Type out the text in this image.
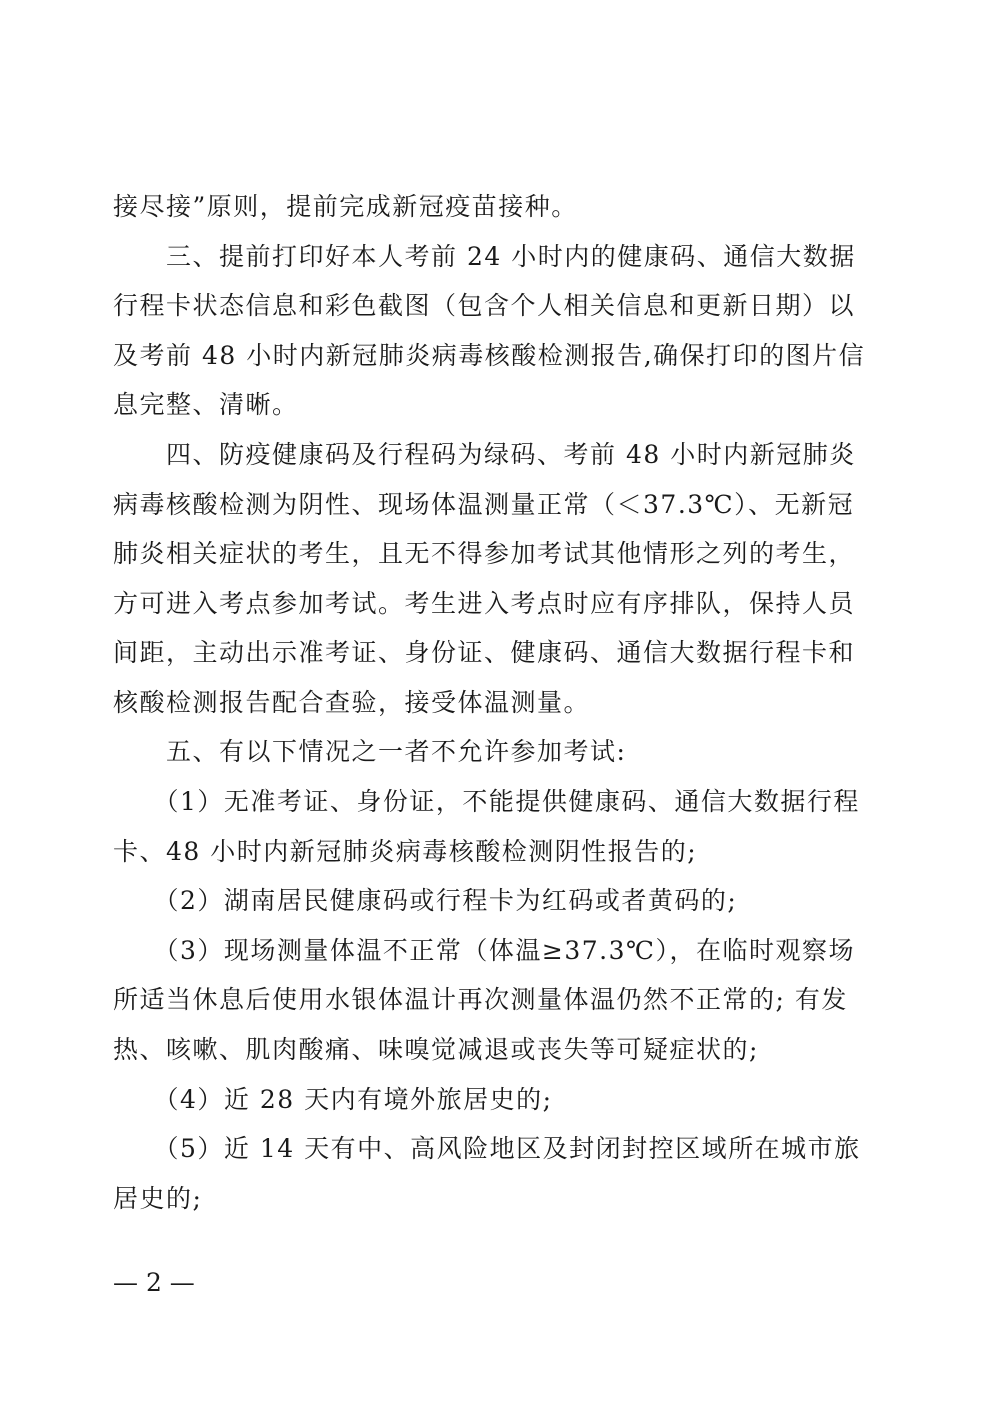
接尽接”原则，提前完成新冠疫苗接种。
　　三、提前打印好本人考前 24 小时内的健康码、通信大数据
行程卡状态信息和彩色截图（包含个人相关信息和更新日期）以
及考前 48 小时内新冠肺炎病毒核酸检测报告,确保打印的图片信
息完整、清晰。
　　四、防疫健康码及行程码为绿码、考前 48 小时内新冠肺炎
病毒核酸检测为阴性、现场体温测量正常（＜37.3℃）、无新冠
肺炎相关症状的考生，且无不得参加考试其他情形之列的考生，
方可进入考点参加考试。考生进入考点时应有序排队，保持人员
间距，主动出示准考证、身份证、健康码、通信大数据行程卡和
核酸检测报告配合查验，接受体温测量。
　　五、有以下情况之一者不允许参加考试:
　　（1）无准考证、身份证，不能提供健康码、通信大数据行程
卡、48 小时内新冠肺炎病毒核酸检测阴性报告的;
　　（2）湖南居民健康码或行程卡为红码或者黄码的;
　　（3）现场测量体温不正常（体温≥37.3℃），在临时观察场
所适当休息后使用水银体温计再次测量体温仍然不正常的; 有发
热、咳嗽、肌肉酸痛、味嗅觉减退或丧失等可疑症状的;
　　（4）近 28 天内有境外旅居史的;
　　（5）近 14 天有中、高风险地区及封闭封控区域所在城市旅
居史的;
— 2 —
